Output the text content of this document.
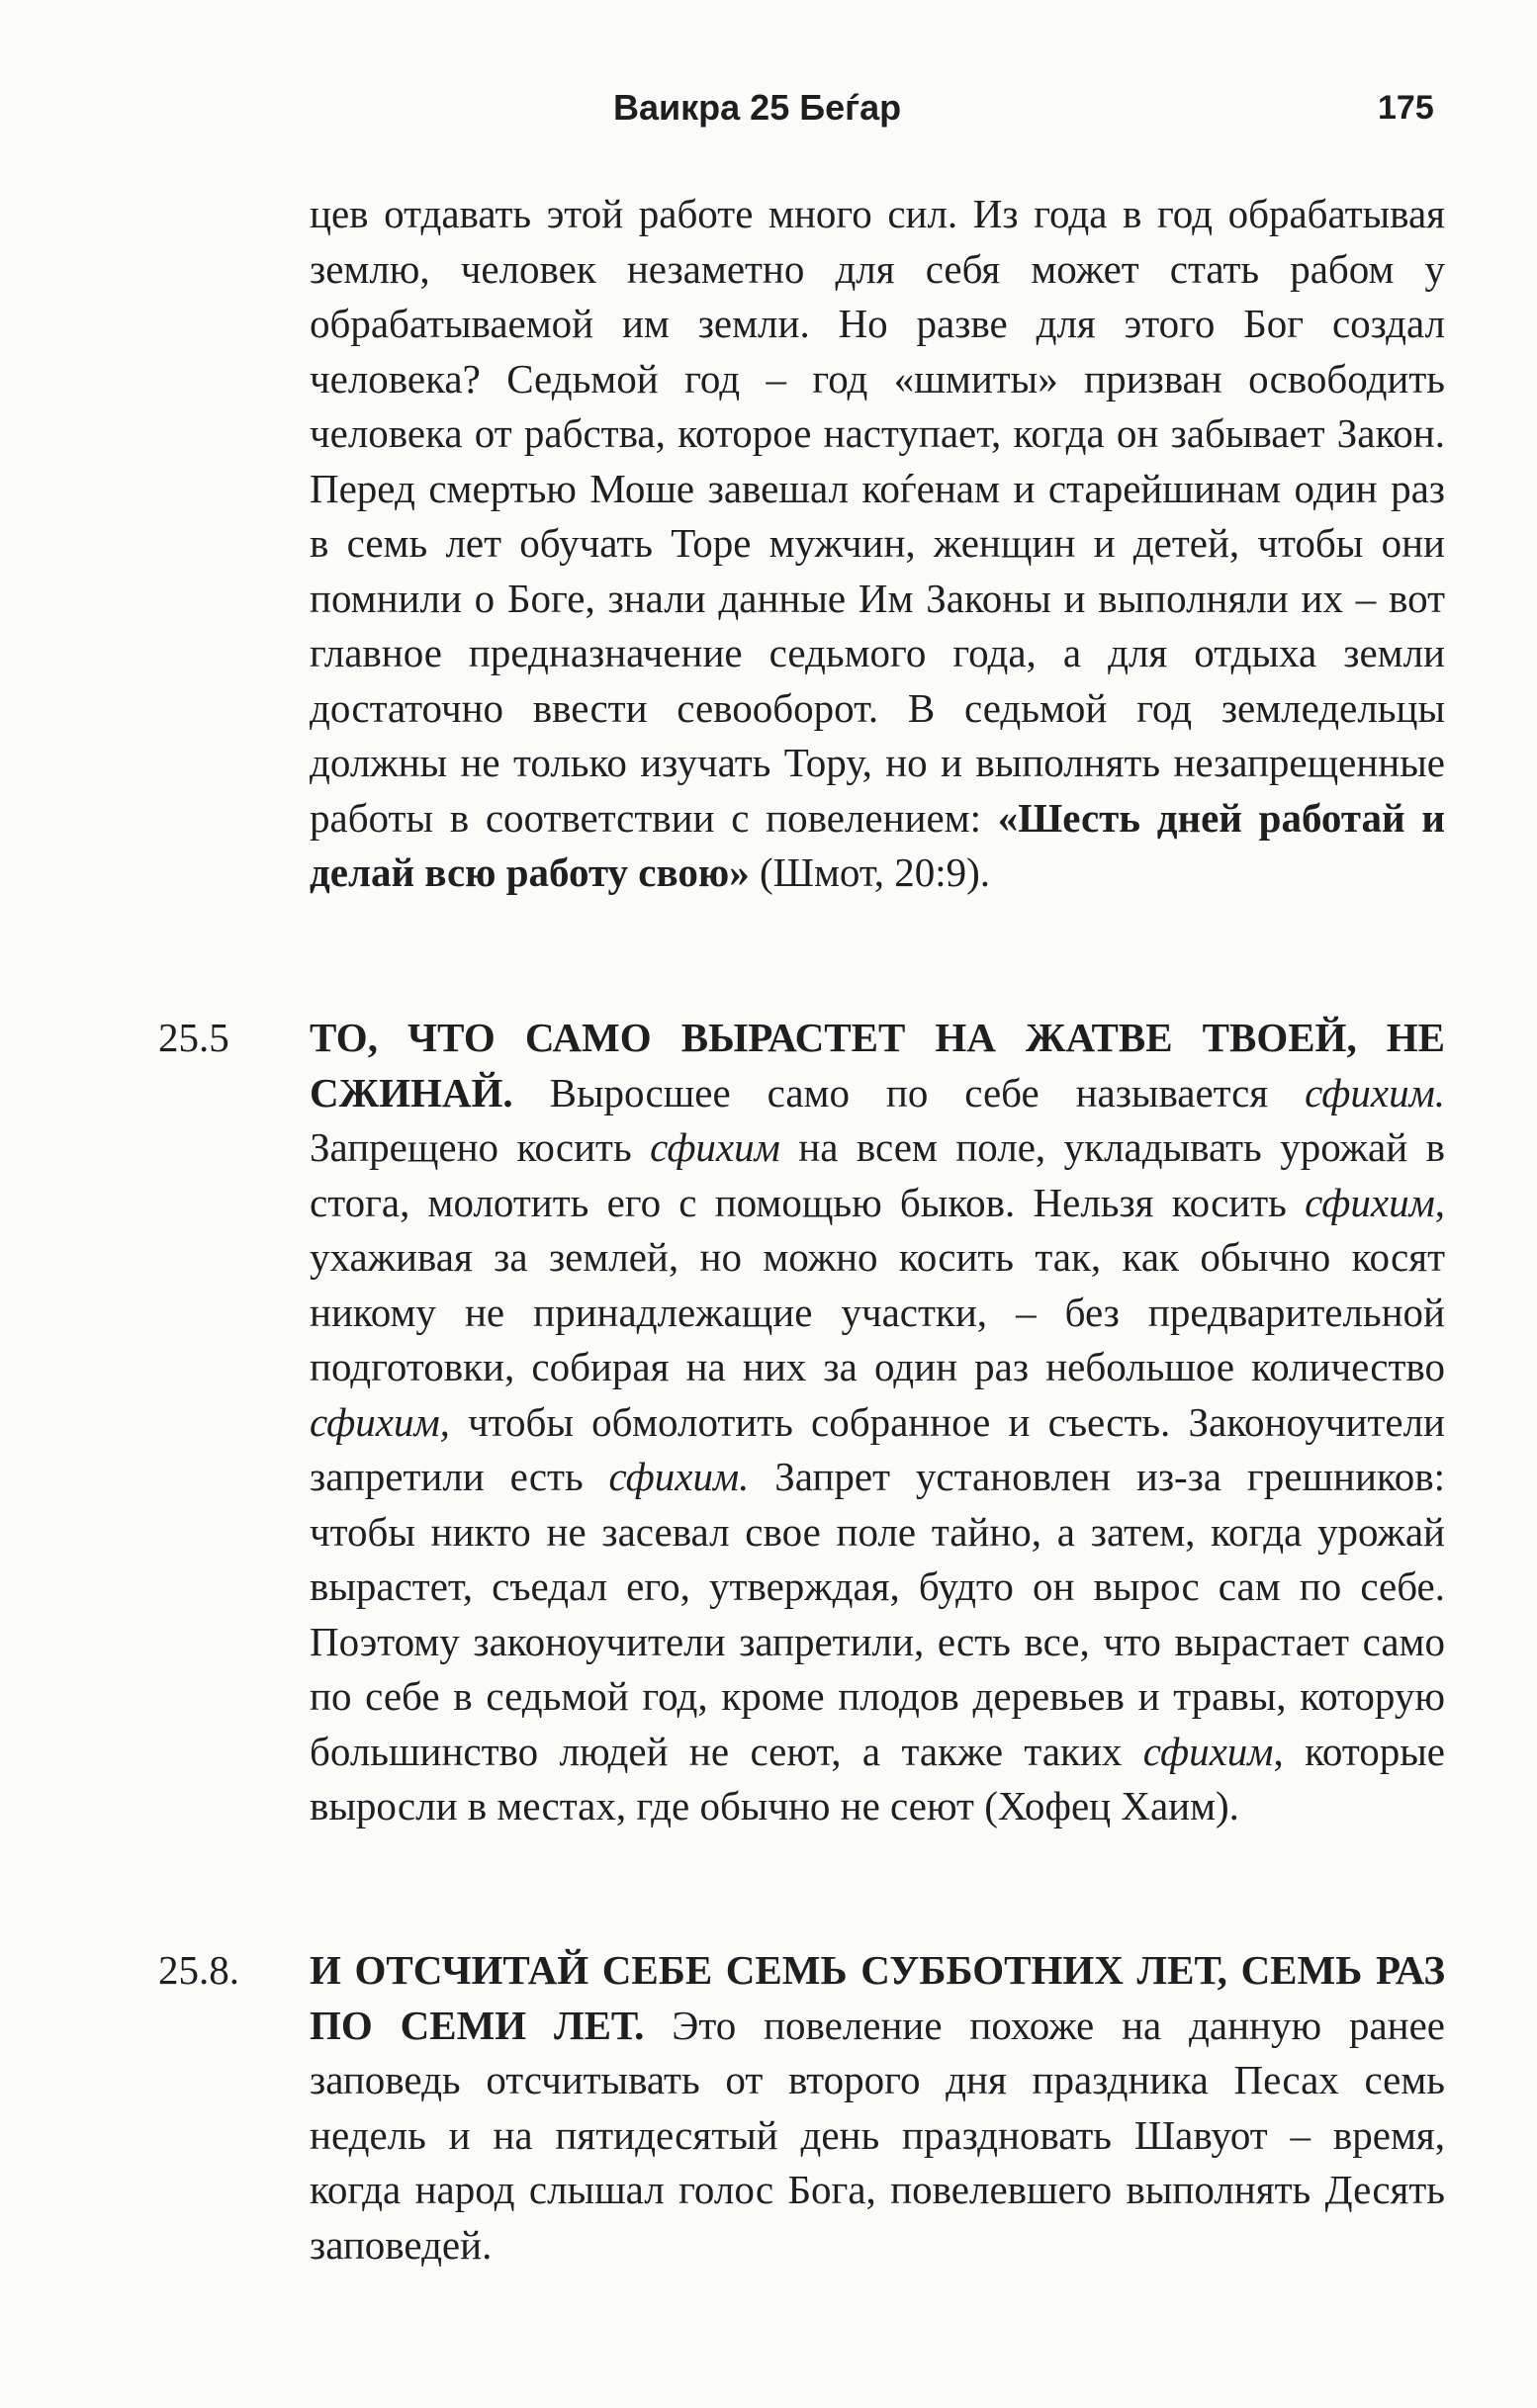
Ваикра 25 Беѓар	175
цев отдавать этой работе много сил. Из года в год обрабатывая землю, человек незаметно для себя может стать рабом у обрабатываемой им земли. Но разве для этого Бог создал человека? Седьмой год – год «шмиты» призван освободить человека от рабства, которое наступает, когда он забывает Закон. Перед смертью Моше завешал коѓенам и старейшинам один раз в семь лет обучать Торе мужчин, женщин и детей, чтобы они помнили о Боге, знали данные Им Законы и выполняли их – вот главное предназначение седьмого года, а для отдыха земли достаточно ввести севооборот. В седьмой год земледельцы должны не только изучать Тору, но и выполнять незапрещенные работы в соответствии с повелением: «Шесть дней работай и делай всю работу свою» (Шмот, 20:9).
25.5 ТО, ЧТО САМО ВЫРАСТЕТ НА ЖАТВЕ ТВОЕЙ, НЕ СЖИНАЙ. Выросшее само по себе называется сфихим. Запрещено косить сфихим на всем поле, укладывать урожай в стога, молотить его с помощью быков. Нельзя косить сфихим, ухаживая за землей, но можно косить так, как обычно косят никому не принадлежащие участки, – без предварительной подготовки, собирая на них за один раз небольшое количество сфихим, чтобы обмолотить собранное и съесть. Законоучители запретили есть сфихим. Запрет установлен из-за грешников: чтобы никто не засевал свое поле тайно, а затем, когда урожай вырастет, съедал его, утверждая, будто он вырос сам по себе. Поэтому законоучители запретили, есть все, что вырастает само по себе в седьмой год, кроме плодов деревьев и травы, которую большинство людей не сеют, а также таких сфихим, которые выросли в местах, где обычно не сеют (Хофец Хаим).
25.8. И ОТСЧИТАЙ СЕБЕ СЕМЬ СУББОТНИХ ЛЕТ, СЕМЬ РАЗ ПО СЕМИ ЛЕТ. Это повеление похоже на данную ранее заповедь отсчитывать от второго дня праздника Песах семь недель и на пятидесятый день праздновать Шавуот – время, когда народ слышал голос Бога, повелевшего выполнять Десять заповедей.
